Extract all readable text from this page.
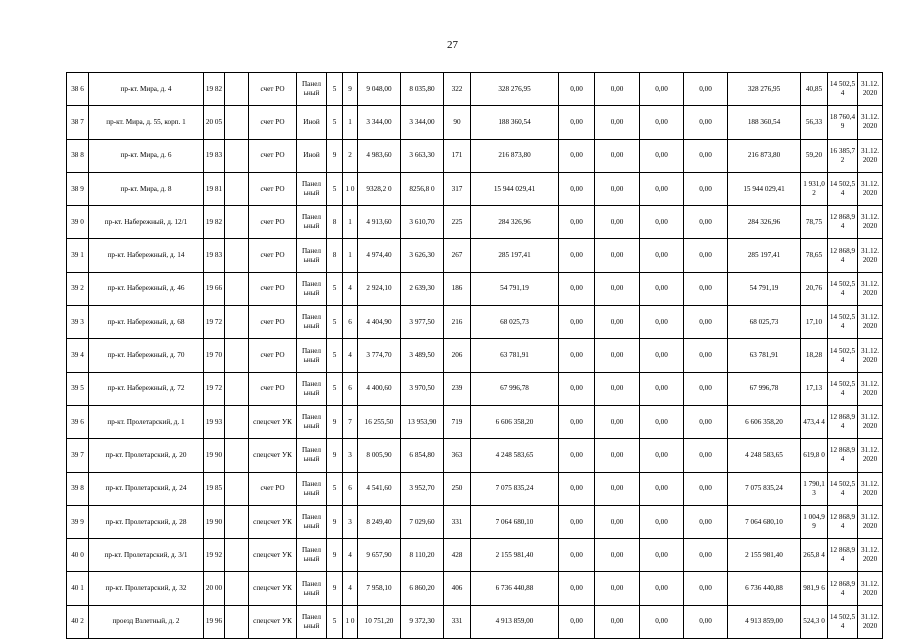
27
38 6	пр-кт. Мира, д. 4	19 82		счет РО	Панел ьный	5	9	9 048,00	8 035,80	322	328 276,95	0,00	0,00	0,00	0,00	328 276,95	40,85	14 502,5 4	31.12. 2020
38 7	пр-кт. Мира, д. 55, корп. 1	20 05		счет РО	Иной	5	1	3 344,00	3 344,00	90	188 360,54	0,00	0,00	0,00	0,00	188 360,54	56,33	18 760,4 9	31.12. 2020
38 8	пр-кт. Мира, д. 6	19 83		счет РО	Иной	9	2	4 983,60	3 663,30	171	216 873,80	0,00	0,00	0,00	0,00	216 873,80	59,20	16 385,7 2	31.12. 2020
38 9	пр-кт. Мира, д. 8	19 81		счет РО	Панел ьный	5	1 0	9328,2 0	8256,8 0	317	15 944 029,41	0,00	0,00	0,00	0,00	15 944 029,41	1 931,0 2	14 502,5 4	31.12. 2020
39 0	пр-кт. Набережный, д. 12/1	19 82		счет РО	Панел ьный	8	1	4 913,60	3 610,70	225	284 326,96	0,00	0,00	0,00	0,00	284 326,96	78,75	12 868,9 4	31.12. 2020
39 1	пр-кт. Набережный, д. 14	19 83		счет РО	Панел ьный	8	1	4 974,40	3 626,30	267	285 197,41	0,00	0,00	0,00	0,00	285 197,41	78,65	12 868,9 4	31.12. 2020
39 2	пр-кт. Набережный, д. 46	19 66		счет РО	Панел ьный	5	4	2 924,10	2 639,30	186	54 791,19	0,00	0,00	0,00	0,00	54 791,19	20,76	14 502,5 4	31.12. 2020
39 3	пр-кт. Набережный, д. 68	19 72		счет РО	Панел ьный	5	6	4 404,90	3 977,50	216	68 025,73	0,00	0,00	0,00	0,00	68 025,73	17,10	14 502,5 4	31.12. 2020
39 4	пр-кт. Набережный, д. 70	19 70		счет РО	Панел ьный	5	4	3 774,70	3 489,50	206	63 781,91	0,00	0,00	0,00	0,00	63 781,91	18,28	14 502,5 4	31.12. 2020
39 5	пр-кт. Набережный, д. 72	19 72		счет РО	Панел ьный	5	6	4 400,60	3 970,50	239	67 996,78	0,00	0,00	0,00	0,00	67 996,78	17,13	14 502,5 4	31.12. 2020
39 6	пр-кт. Пролетарский, д. 1	19 93		спецсчет УК	Панел ьный	9	7	16 255,50	13 953,90	719	6 606 358,20	0,00	0,00	0,00	0,00	6 606 358,20	473,4 4	12 868,9 4	31.12. 2020
39 7	пр-кт. Пролетарский, д. 20	19 90		спецсчет УК	Панел ьный	9	3	8 005,90	6 854,80	363	4 248 583,65	0,00	0,00	0,00	0,00	4 248 583,65	619,8 0	12 868,9 4	31.12. 2020
39 8	пр-кт. Пролетарский, д. 24	19 85		счет РО	Панел ьный	5	6	4 541,60	3 952,70	250	7 075 835,24	0,00	0,00	0,00	0,00	7 075 835,24	1 790,1 3	14 502,5 4	31.12. 2020
39 9	пр-кт. Пролетарский, д. 28	19 90		спецсчет УК	Панел ьный	9	3	8 249,40	7 029,60	331	7 064 680,10	0,00	0,00	0,00	0,00	7 064 680,10	1 004,9 9	12 868,9 4	31.12. 2020
40 0	пр-кт. Пролетарский, д. 3/1	19 92		спецсчет УК	Панел ьный	9	4	9 657,90	8 110,20	428	2 155 981,40	0,00	0,00	0,00	0,00	2 155 981,40	265,8 4	12 868,9 4	31.12. 2020
40 1	пр-кт. Пролетарский, д. 32	20 00		спецсчет УК	Панел ьный	9	4	7 958,10	6 860,20	406	6 736 440,88	0,00	0,00	0,00	0,00	6 736 440,88	981,9 6	12 868,9 4	31.12. 2020
40 2	проезд Взлетный, д. 2	19 96		спецсчет УК	Панел ьный	5	1 0	10 751,20	9 372,30	331	4 913 859,00	0,00	0,00	0,00	0,00	4 913 859,00	524,3 0	14 502,5 4	31.12. 2020
